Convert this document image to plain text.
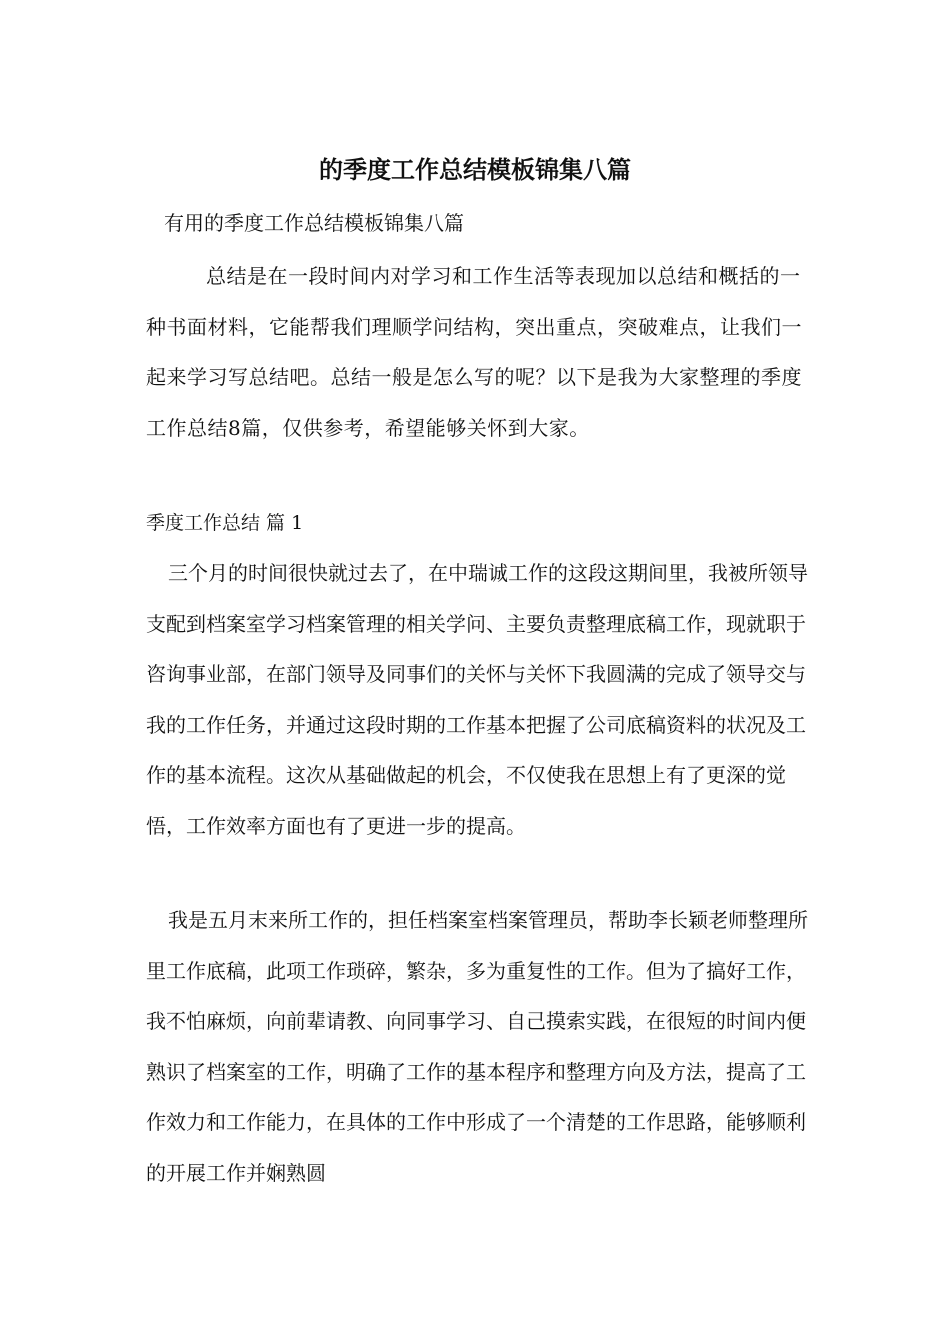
的季度工作总结模板锦集八篇

有用的季度工作总结模板锦集八篇

总结是在一段时间内对学习和工作生活等表现加以总结和概括的一种书面材料，它能帮我们理顺学问结构，突出重点，突破难点，让我们一起来学习写总结吧。总结一般是怎么写的呢？以下是我为大家整理的季度工作总结8篇，仅供参考，希望能够关怀到大家。

季度工作总结 篇 1

三个月的时间很快就过去了，在中瑞诚工作的这段这期间里，我被所领导支配到档案室学习档案管理的相关学问、主要负责整理底稿工作，现就职于咨询事业部，在部门领导及同事们的关怀与关怀下我圆满的完成了领导交与我的工作任务，并通过这段时期的工作基本把握了公司底稿资料的状况及工作的基本流程。这次从基础做起的机会，不仅使我在思想上有了更深的觉悟，工作效率方面也有了更进一步的提高。

我是五月末来所工作的，担任档案室档案管理员，帮助李长颖老师整理所里工作底稿，此项工作琐碎，繁杂，多为重复性的工作。但为了搞好工作，我不怕麻烦，向前辈请教、向同事学习、自己摸索实践，在很短的时间内便熟识了档案室的工作，明确了工作的基本程序和整理方向及方法，提高了工作效力和工作能力，在具体的工作中形成了一个清楚的工作思路，能够顺利的开展工作并娴熟圆
